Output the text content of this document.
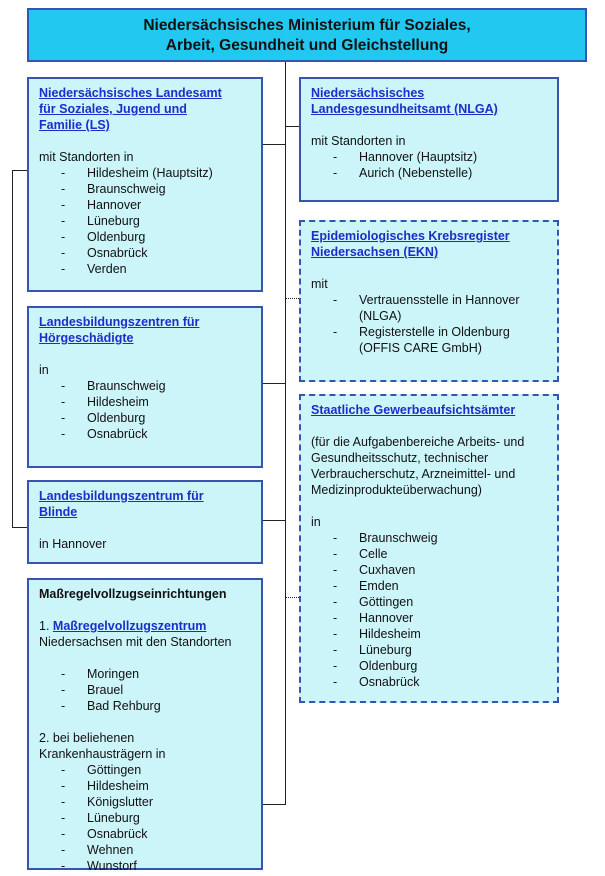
Niedersächsisches Ministerium für Soziales,
Arbeit, Gesundheit und Gleichstellung
Niedersächsisches Landesamt
für Soziales, Jugend und
Familie (LS)
mit Standorten in
- Hildesheim (Hauptsitz)
- Braunschweig
- Hannover
- Lüneburg
- Oldenburg
- Osnabrück
- Verden
Landesbildungszentren für
Hörgeschädigte
in
- Braunschweig
- Hildesheim
- Oldenburg
- Osnabrück
Landesbildungszentrum für
Blinde
in Hannover
Maßregelvollzugseinrichtungen
1. Maßregelvollzugszentrum
Niedersachsen mit den Standorten
- Moringen
- Brauel
- Bad Rehburg
2. bei beliehenen
Krankenhausträgern in
- Göttingen
- Hildesheim
- Königslutter
- Lüneburg
- Osnabrück
- Wehnen
- Wunstorf
Niedersächsisches
Landesgesundheitsamt (NLGA)
mit Standorten in
- Hannover (Hauptsitz)
- Aurich (Nebenstelle)
Epidemiologisches Krebsregister
Niedersachsen (EKN)
mit
- Vertrauensstelle in Hannover
(NLGA)
- Registerstelle in Oldenburg
(OFFIS CARE GmbH)
Staatliche Gewerbeaufsichtsämter
(für die Aufgabenbereiche Arbeits- und
Gesundheitsschutz, technischer
Verbraucherschutz, Arzneimittel- und
Medizinprodukteüberwachung)
in
- Braunschweig
- Celle
- Cuxhaven
- Emden
- Göttingen
- Hannover
- Hildesheim
- Lüneburg
- Oldenburg
- Osnabrück
